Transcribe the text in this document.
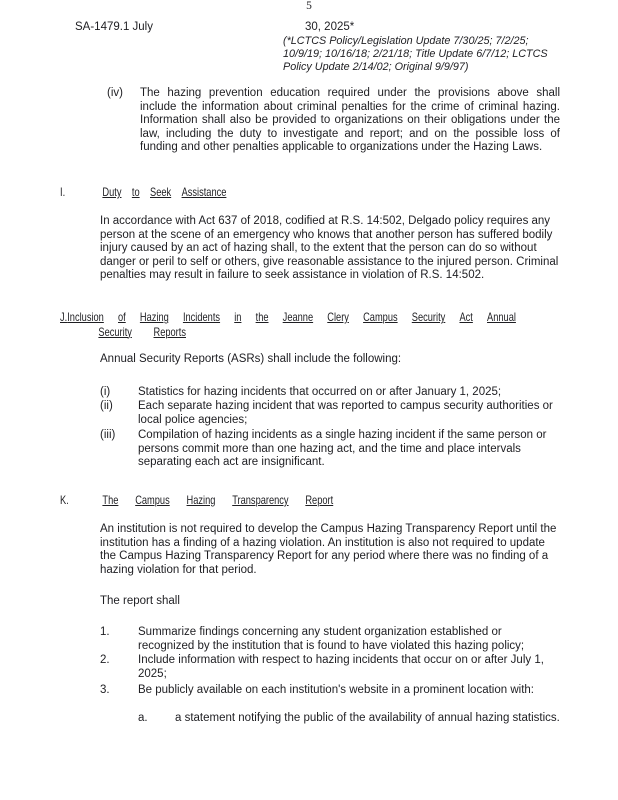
SA-1479.1 July	30, 2025*
(*LCTCS Policy/Legislation Update 7/30/25; 7/2/25;
10/9/19; 10/16/18; 2/21/18; Title Update 6/7/12; LCTCS
Policy Update 2/14/02; Original 9/9/97)
(iv)	The hazing prevention education required under the provisions above shall include the information about criminal penalties for the crime of criminal hazing. Information shall also be provided to organizations on their obligations under the law, including the duty to investigate and report; and on the possible loss of funding and other penalties applicable to organizations under the Hazing Laws.
I.	Duty to Seek Assistance
In accordance with Act 637 of 2018, codified at R.S. 14:502, Delgado policy requires any person at the scene of an emergency who knows that another person has suffered bodily injury caused by an act of hazing shall, to the extent that the person can do so without danger or peril to self or others, give reasonable assistance to the injured person. Criminal penalties may result in failure to seek assistance in violation of R.S. 14:502.
J. Inclusion of Hazing Incidents in the Jeanne Clery Campus Security Act Annual
Security Reports
Annual Security Reports (ASRs) shall include the following:
(i)	Statistics for hazing incidents that occurred on or after January 1, 2025;
(ii)	Each separate hazing incident that was reported to campus security authorities or local police agencies;
(iii)	Compilation of hazing incidents as a single hazing incident if the same person or persons commit more than one hazing act, and the time and place intervals separating each act are insignificant.
K.	The Campus Hazing Transparency Report
An institution is not required to develop the Campus Hazing Transparency Report until the institution has a finding of a hazing violation. An institution is also not required to update the Campus Hazing Transparency Report for any period where there was no finding of a hazing violation for that period.
The report shall
1.	Summarize findings concerning any student organization established or recognized by the institution that is found to have violated this hazing policy;
2.	Include information with respect to hazing incidents that occur on or after July 1, 2025;
3.	Be publicly available on each institution's website in a prominent location with:
a.	a statement notifying the public of the availability of annual hazing statistics.
5
